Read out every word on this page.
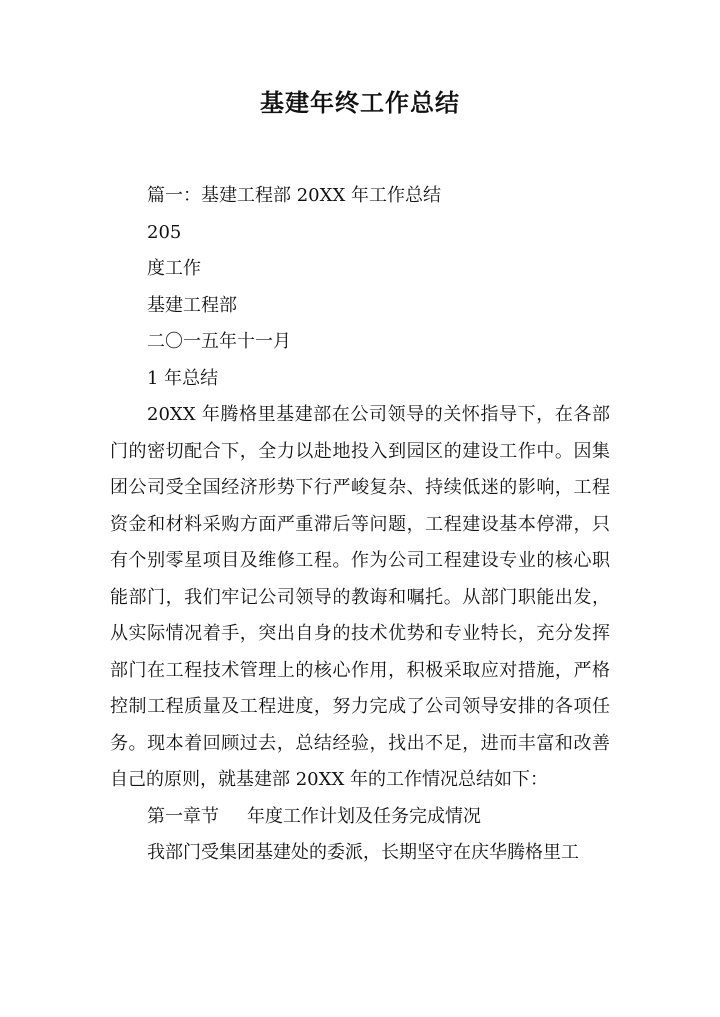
基建年终工作总结

篇一：基建工程部 20XX 年工作总结

205

度工作

基建工程部

二〇一五年十一月

1 年总结

20XX 年腾格里基建部在公司领导的关怀指导下，在各部门的密切配合下，全力以赴地投入到园区的建设工作中。因集团公司受全国经济形势下行严峻复杂、持续低迷的影响，工程资金和材料采购方面严重滞后等问题，工程建设基本停滞，只有个别零星项目及维修工程。作为公司工程建设专业的核心职能部门，我们牢记公司领导的教诲和嘱托。从部门职能出发，从实际情况着手，突出自身的技术优势和专业特长，充分发挥部门在工程技术管理上的核心作用，积极采取应对措施，严格控制工程质量及工程进度，努力完成了公司领导安排的各项任务。现本着回顾过去，总结经验，找出不足，进而丰富和改善自己的原则，就基建部 20XX 年的工作情况总结如下：

第一章节 年度工作计划及任务完成情况

我部门受集团基建处的委派，长期坚守在庆华腾格里工
